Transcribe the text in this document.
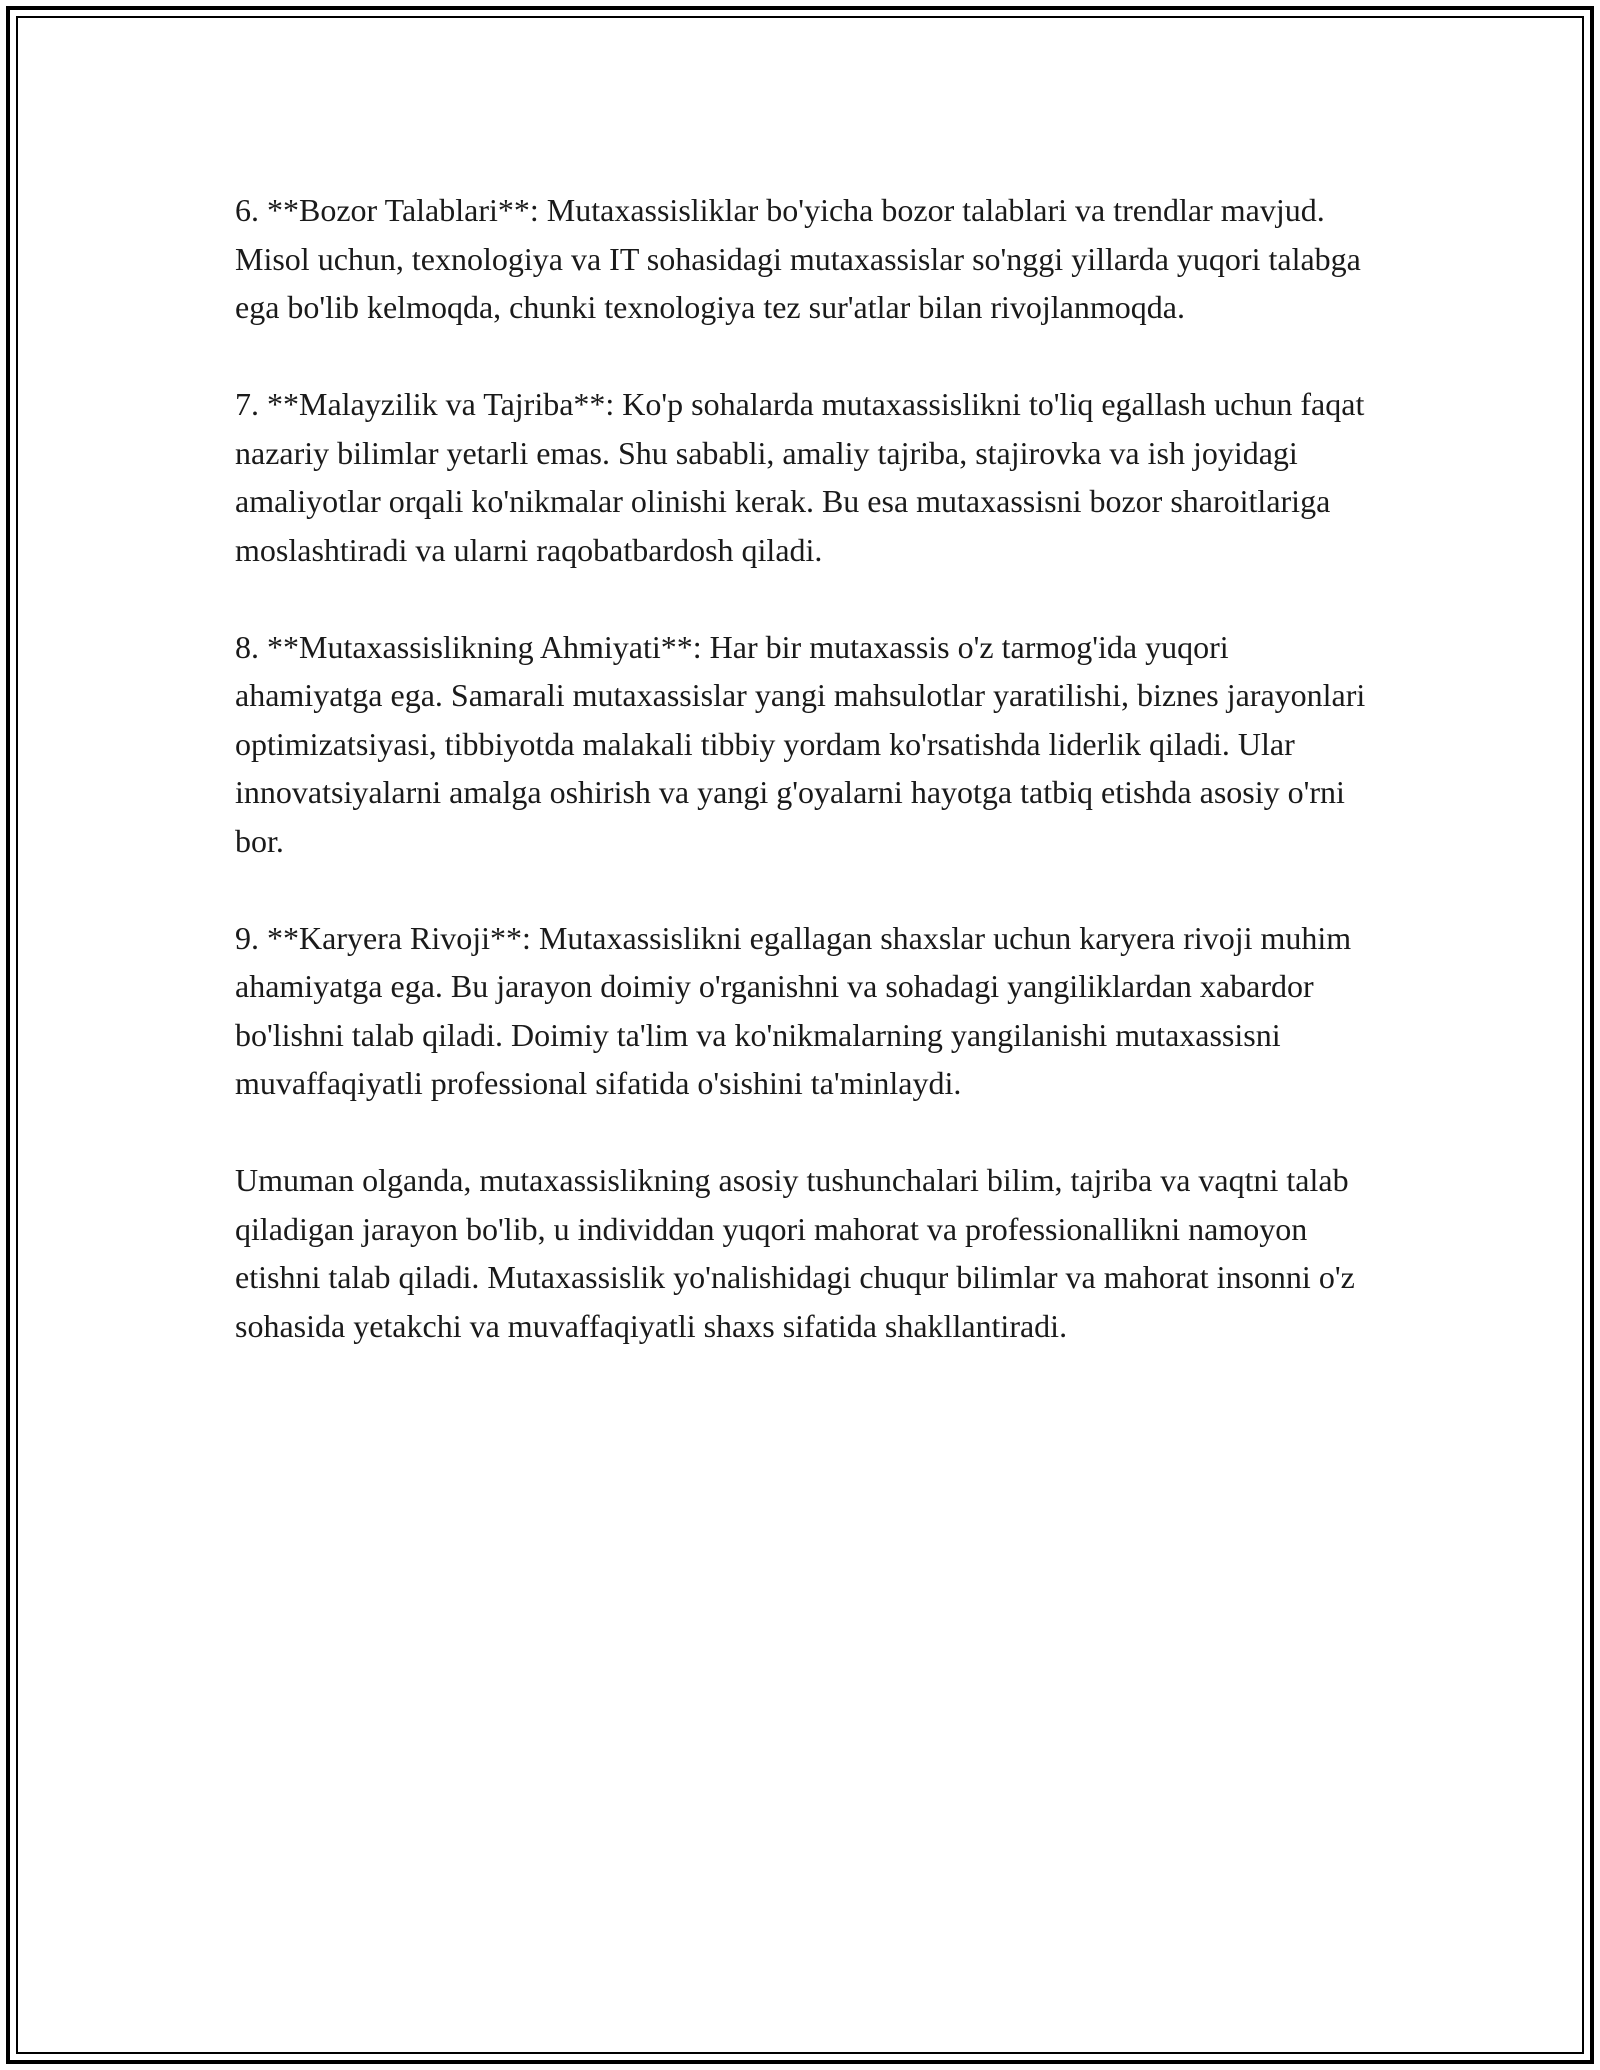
6. **Bozor Talablari**: Mutaxassisliklar bo'yicha bozor talablari va trendlar mavjud. Misol uchun, texnologiya va IT sohasidagi mutaxassislar so'nggi yillarda yuqori talabga ega bo'lib kelmoqda, chunki texnologiya tez sur'atlar bilan rivojlanmoqda.

7. **Malayzilik va Tajriba**: Ko'p sohalarda mutaxassislikni to'liq egallash uchun faqat nazariy bilimlar yetarli emas. Shu sababli, amaliy tajriba, stajirovka va ish joyidagi amaliyotlar orqali ko'nikmalar olinishi kerak. Bu esa mutaxassisni bozor sharoitlariga moslashtiradi va ularni raqobatbardosh qiladi.

8. **Mutaxassislikning Ahmiyati**: Har bir mutaxassis o'z tarmog'ida yuqori ahamiyatga ega. Samarali mutaxassislar yangi mahsulotlar yaratilishi, biznes jarayonlari optimizatsiyasi, tibbiyotda malakali tibbiy yordam ko'rsatishda liderlik qiladi. Ular innovatsiyalarni amalga oshirish va yangi g'oyalarni hayotga tatbiq etishda asosiy o'rni bor.

9. **Karyera Rivoji**: Mutaxassislikni egallagan shaxslar uchun karyera rivoji muhim ahamiyatga ega. Bu jarayon doimiy o'rganishni va sohadagi yangiliklardan xabardor bo'lishni talab qiladi. Doimiy ta'lim va ko'nikmalarning yangilanishi mutaxassisni muvaffaqiyatli professional sifatida o'sishini ta'minlaydi.

Umuman olganda, mutaxassislikning asosiy tushunchalari bilim, tajriba va vaqtni talab qiladigan jarayon bo'lib, u individdan yuqori mahorat va professionallikni namoyon etishni talab qiladi. Mutaxassislik yo'nalishidagi chuqur bilimlar va mahorat insonni o'z sohasida yetakchi va muvaffaqiyatli shaxs sifatida shakllantiradi.
